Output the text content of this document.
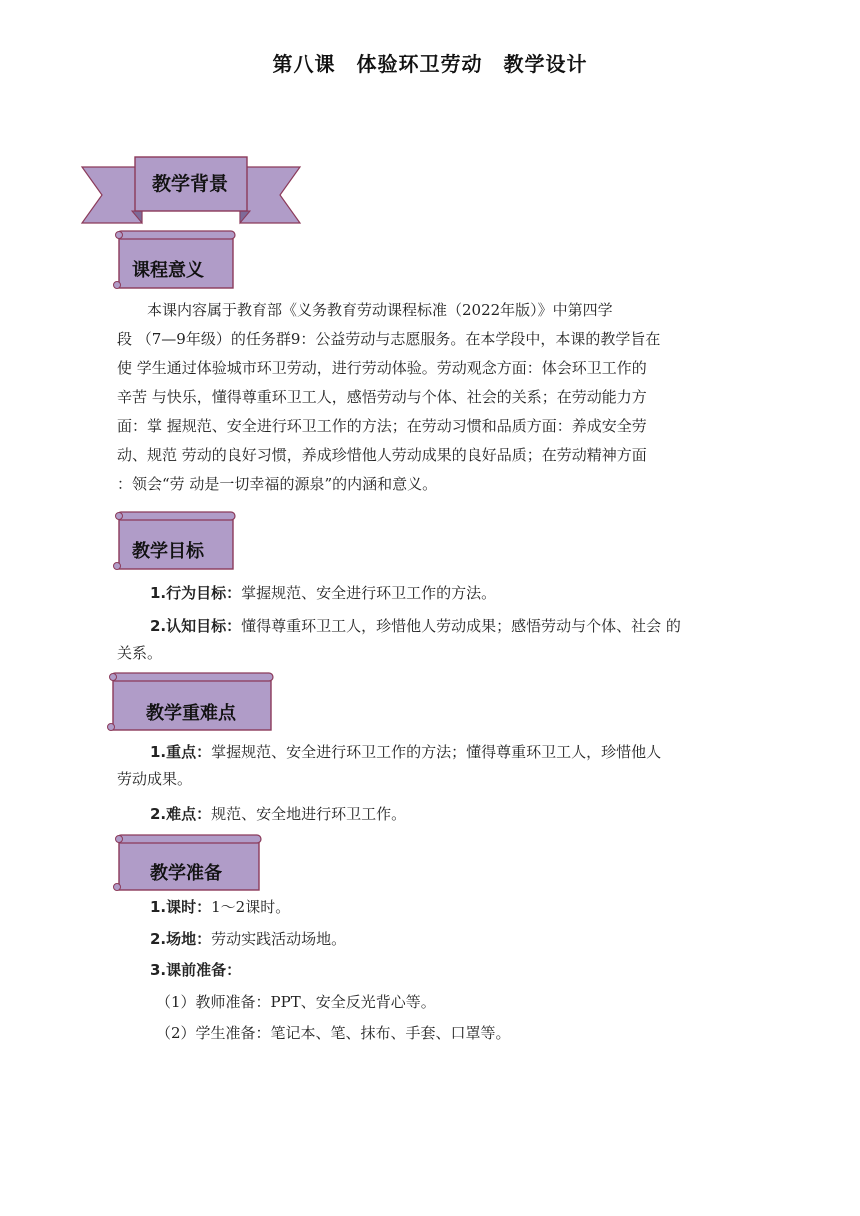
第八课　体验环卫劳动　教学设计
教学背景
课程意义

本课内容属于教育部《义务教育劳动课程标准（2022年版）》中第四学

段 （7—9年级）的任务群9：公益劳动与志愿服务。在本学段中，本课的教学旨在

使 学生通过体验城市环卫劳动，进行劳动体验。劳动观念方面：体会环卫工作的

辛苦 与快乐，懂得尊重环卫工人，感悟劳动与个体、社会的关系；在劳动能力方

面：掌 握规范、安全进行环卫工作的方法；在劳动习惯和品质方面：养成安全劳

动、规范 劳动的良好习惯，养成珍惜他人劳动成果的良好品质；在劳动精神方面

：领会“劳 动是一切幸福的源泉”的内涵和意义。

教学目标

1.行为目标：掌握规范、安全进行环卫工作的方法。

2.认知目标：懂得尊重环卫工人，珍惜他人劳动成果；感悟劳动与个体、社会 的

关系。

教学重难点

1.重点：掌握规范、安全进行环卫工作的方法；懂得尊重环卫工人，珍惜他人

劳动成果。

2.难点：规范、安全地进行环卫工作。

教学准备

1.课时：1～2课时。

2.场地：劳动实践活动场地。

3.课前准备：

（1）教师准备：PPT、安全反光背心等。

（2）学生准备：笔记本、笔、抹布、手套、口罩等。
